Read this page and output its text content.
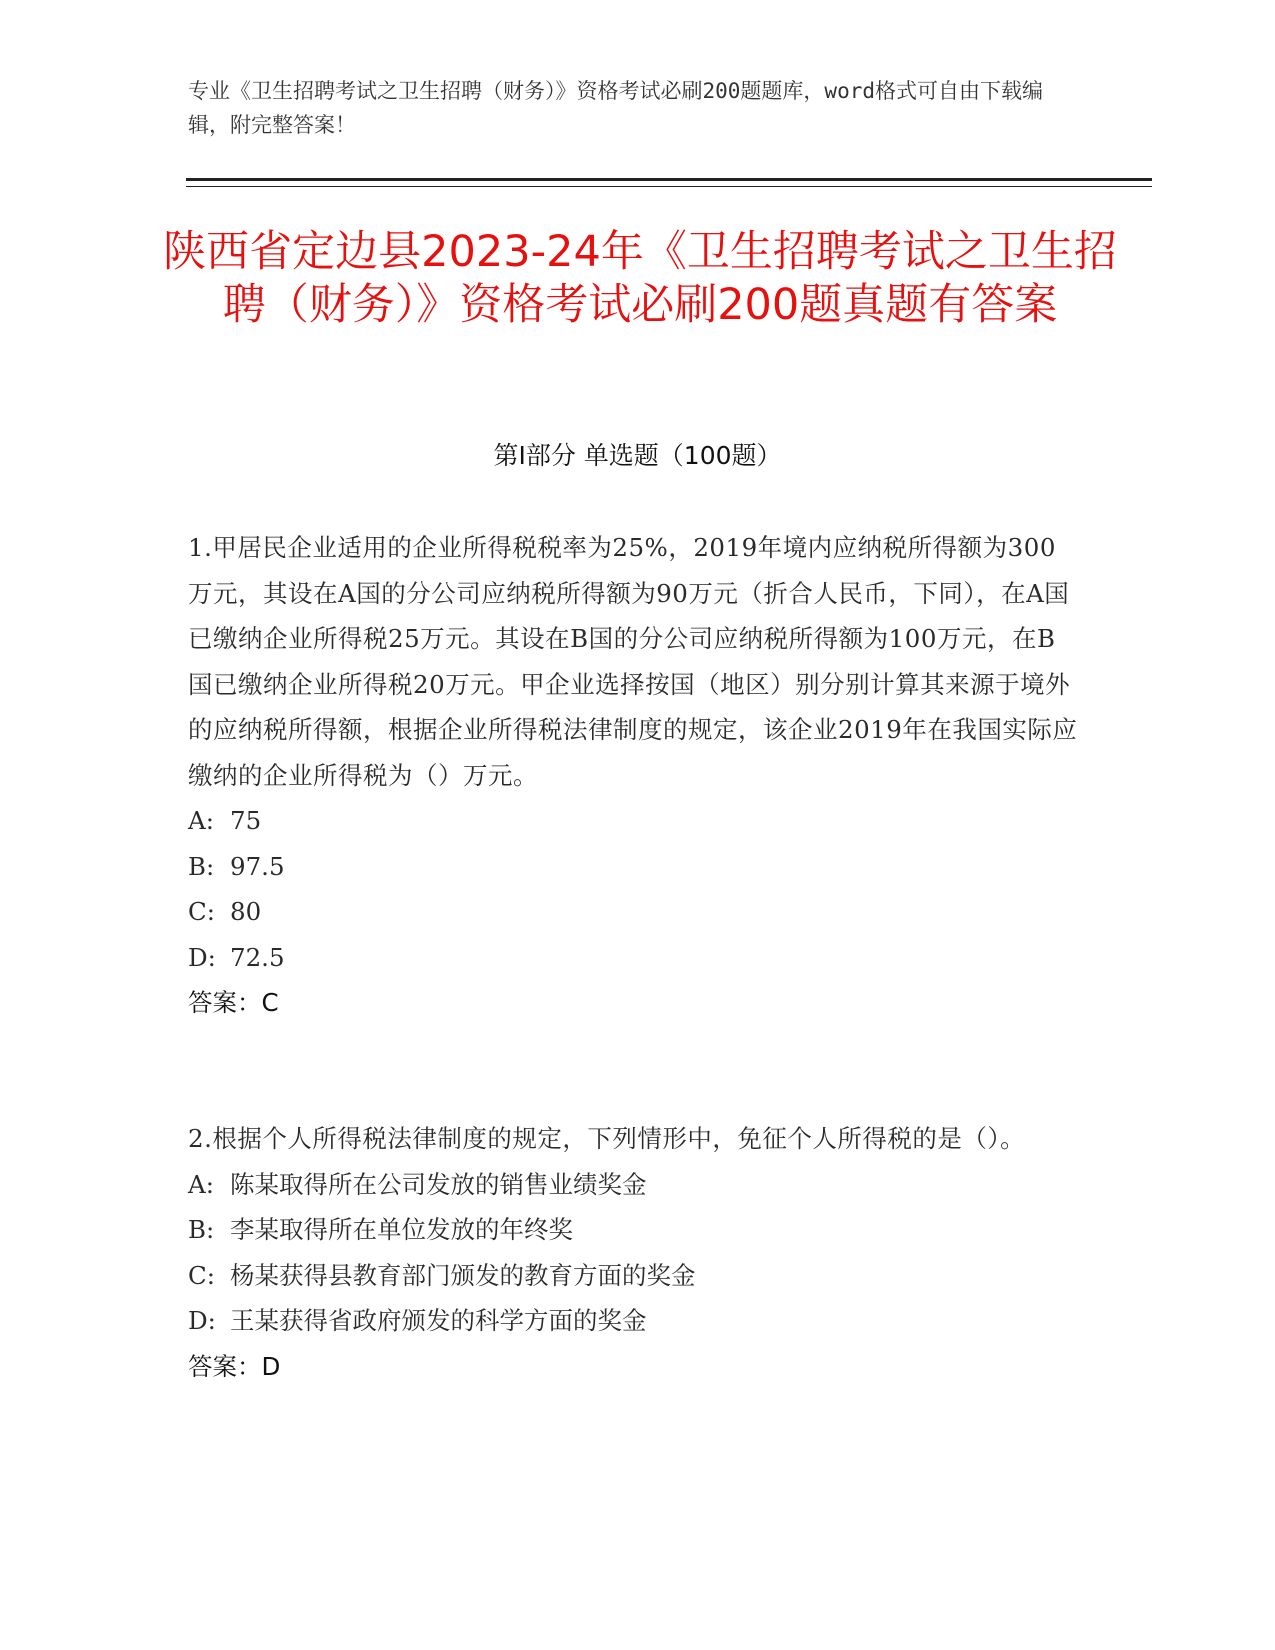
专业《卫生招聘考试之卫生招聘（财务）》资格考试必刷200题题库，word格式可自由下载编辑，附完整答案！
陕西省定边县2023-24年《卫生招聘考试之卫生招聘（财务）》资格考试必刷200题真题有答案
第I部分 单选题（100题）
1.甲居民企业适用的企业所得税税率为25%，2019年境内应纳税所得额为300万元，其设在A国的分公司应纳税所得额为90万元（折合人民币，下同），在A国已缴纳企业所得税25万元。其设在B国的分公司应纳税所得额为100万元，在B国已缴纳企业所得税20万元。甲企业选择按国（地区）别分别计算其来源于境外的应纳税所得额，根据企业所得税法律制度的规定，该企业2019年在我国实际应缴纳的企业所得税为（）万元。
A: 75
B: 97.5
C: 80
D: 72.5
答案：C
2.根据个人所得税法律制度的规定，下列情形中，免征个人所得税的是（）。
A: 陈某取得所在公司发放的销售业绩奖金
B: 李某取得所在单位发放的年终奖
C: 杨某获得县教育部门颁发的教育方面的奖金
D: 王某获得省政府颁发的科学方面的奖金
答案：D
